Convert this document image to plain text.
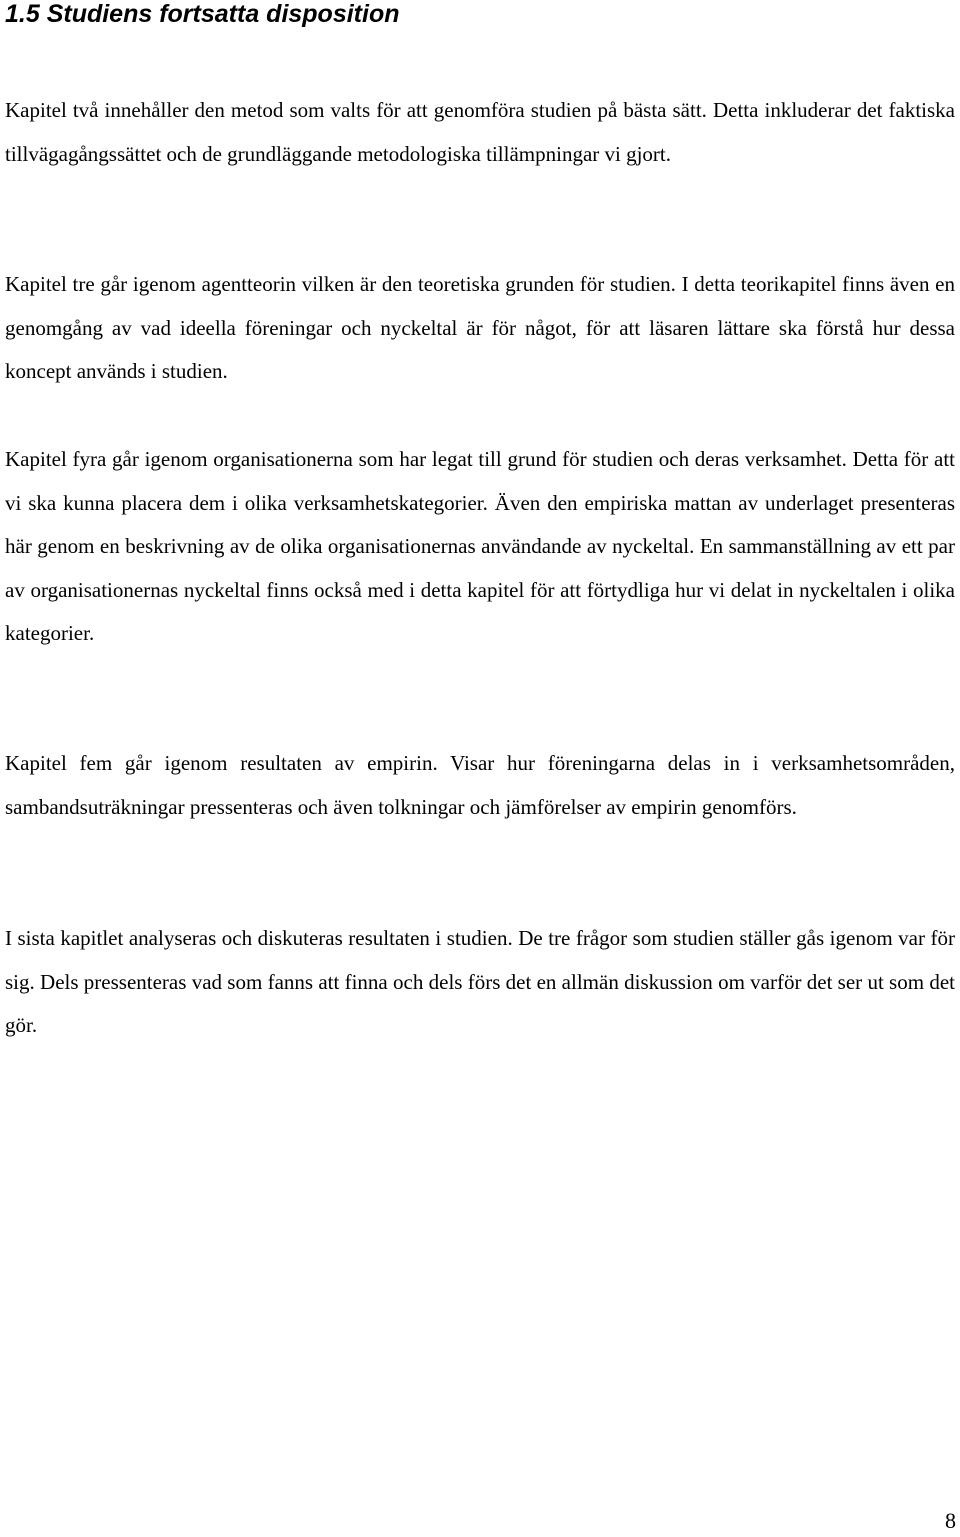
1.5 Studiens fortsatta disposition

Kapitel två innehåller den metod som valts för att genomföra studien på bästa sätt. Detta inkluderar det faktiska tillvägagångssättet och de grundläggande metodologiska tillämpningar vi gjort.

Kapitel tre går igenom agentteorin vilken är den teoretiska grunden för studien. I detta teorikapitel finns även en genomgång av vad ideella föreningar och nyckeltal är för något, för att läsaren lättare ska förstå hur dessa koncept används i studien.

Kapitel fyra går igenom organisationerna som har legat till grund för studien och deras verksamhet. Detta för att vi ska kunna placera dem i olika verksamhetskategorier. Även den empiriska mattan av underlaget presenteras här genom en beskrivning av de olika organisationernas användande av nyckeltal. En sammanställning av ett par av organisationernas nyckeltal finns också med i detta kapitel för att förtydliga hur vi delat in nyckeltalen i olika kategorier.

Kapitel fem går igenom resultaten av empirin. Visar hur föreningarna delas in i verksamhetsområden, sambandsuträkningar pressenteras och även tolkningar och jämförelser av empirin genomförs.

I sista kapitlet analyseras och diskuteras resultaten i studien. De tre frågor som studien ställer gås igenom var för sig. Dels pressenteras vad som fanns att finna och dels förs det en allmän diskussion om varför det ser ut som det gör.

8
